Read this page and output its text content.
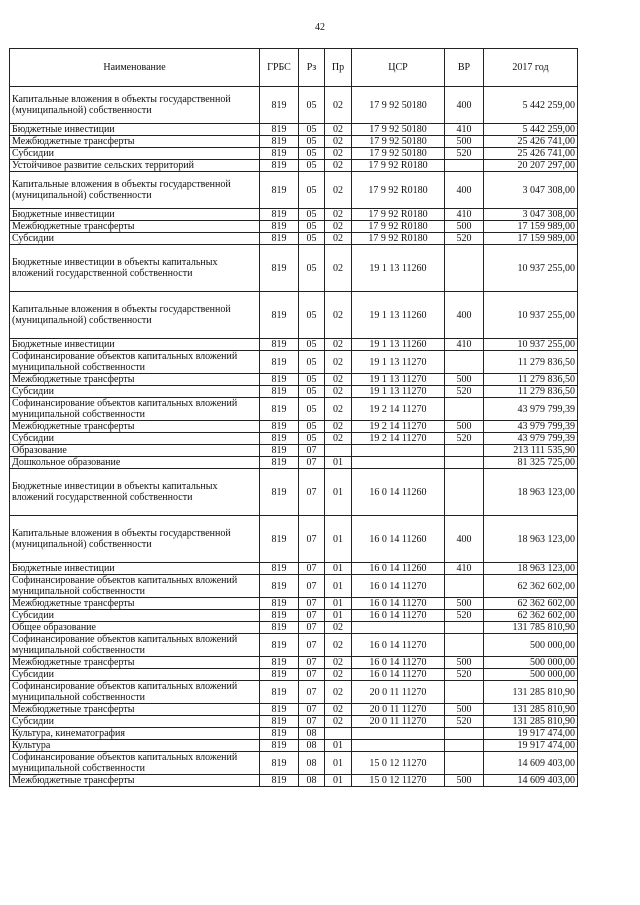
42
Наименование	ГРБС	Рз	Пр	ЦСР	ВР	2017 год
Капитальные вложения в объекты государственной (муниципальной) собственности	819	05	02	17 9 92 50180	400	5 442 259,00
Бюджетные инвестиции	819	05	02	17 9 92 50180	410	5 442 259,00
Межбюджетные трансферты	819	05	02	17 9 92 50180	500	25 426 741,00
Субсидии	819	05	02	17 9 92 50180	520	25 426 741,00
Устойчивое развитие сельских территорий	819	05	02	17 9 92 R0180		20 207 297,00
Капитальные вложения в объекты государственной (муниципальной) собственности	819	05	02	17 9 92 R0180	400	3 047 308,00
Бюджетные инвестиции	819	05	02	17 9 92 R0180	410	3 047 308,00
Межбюджетные трансферты	819	05	02	17 9 92 R0180	500	17 159 989,00
Субсидии	819	05	02	17 9 92 R0180	520	17 159 989,00
Бюджетные инвестиции в объекты капитальных вложений государственной собственности	819	05	02	19 1 13 11260		10 937 255,00
Капитальные вложения в объекты государственной (муниципальной) собственности	819	05	02	19 1 13 11260	400	10 937 255,00
Бюджетные инвестиции	819	05	02	19 1 13 11260	410	10 937 255,00
Софинансирование объектов капитальных вложений муниципальной собственности	819	05	02	19 1 13 11270		11 279 836,50
Межбюджетные трансферты	819	05	02	19 1 13 11270	500	11 279 836,50
Субсидии	819	05	02	19 1 13 11270	520	11 279 836,50
Софинансирование объектов капитальных вложений муниципальной собственности	819	05	02	19 2 14 11270		43 979 799,39
Межбюджетные трансферты	819	05	02	19 2 14 11270	500	43 979 799,39
Субсидии	819	05	02	19 2 14 11270	520	43 979 799,39
Образование	819	07				213 111 535,90
Дошкольное образование	819	07	01			81 325 725,00
Бюджетные инвестиции в объекты капитальных вложений государственной собственности	819	07	01	16 0 14 11260		18 963 123,00
Капитальные вложения в объекты государственной (муниципальной) собственности	819	07	01	16 0 14 11260	400	18 963 123,00
Бюджетные инвестиции	819	07	01	16 0 14 11260	410	18 963 123,00
Софинансирование объектов капитальных вложений муниципальной собственности	819	07	01	16 0 14 11270		62 362 602,00
Межбюджетные трансферты	819	07	01	16 0 14 11270	500	62 362 602,00
Субсидии	819	07	01	16 0 14 11270	520	62 362 602,00
Общее образование	819	07	02			131 785 810,90
Софинансирование объектов капитальных вложений муниципальной собственности	819	07	02	16 0 14 11270		500 000,00
Межбюджетные трансферты	819	07	02	16 0 14 11270	500	500 000,00
Субсидии	819	07	02	16 0 14 11270	520	500 000,00
Софинансирование объектов капитальных вложений муниципальной собственности	819	07	02	20 0 11 11270		131 285 810,90
Межбюджетные трансферты	819	07	02	20 0 11 11270	500	131 285 810,90
Субсидии	819	07	02	20 0 11 11270	520	131 285 810,90
Культура, кинематография	819	08				19 917 474,00
Культура	819	08	01			19 917 474,00
Софинансирование объектов капитальных вложений муниципальной собственности	819	08	01	15 0 12 11270		14 609 403,00
Межбюджетные трансферты	819	08	01	15 0 12 11270	500	14 609 403,00
